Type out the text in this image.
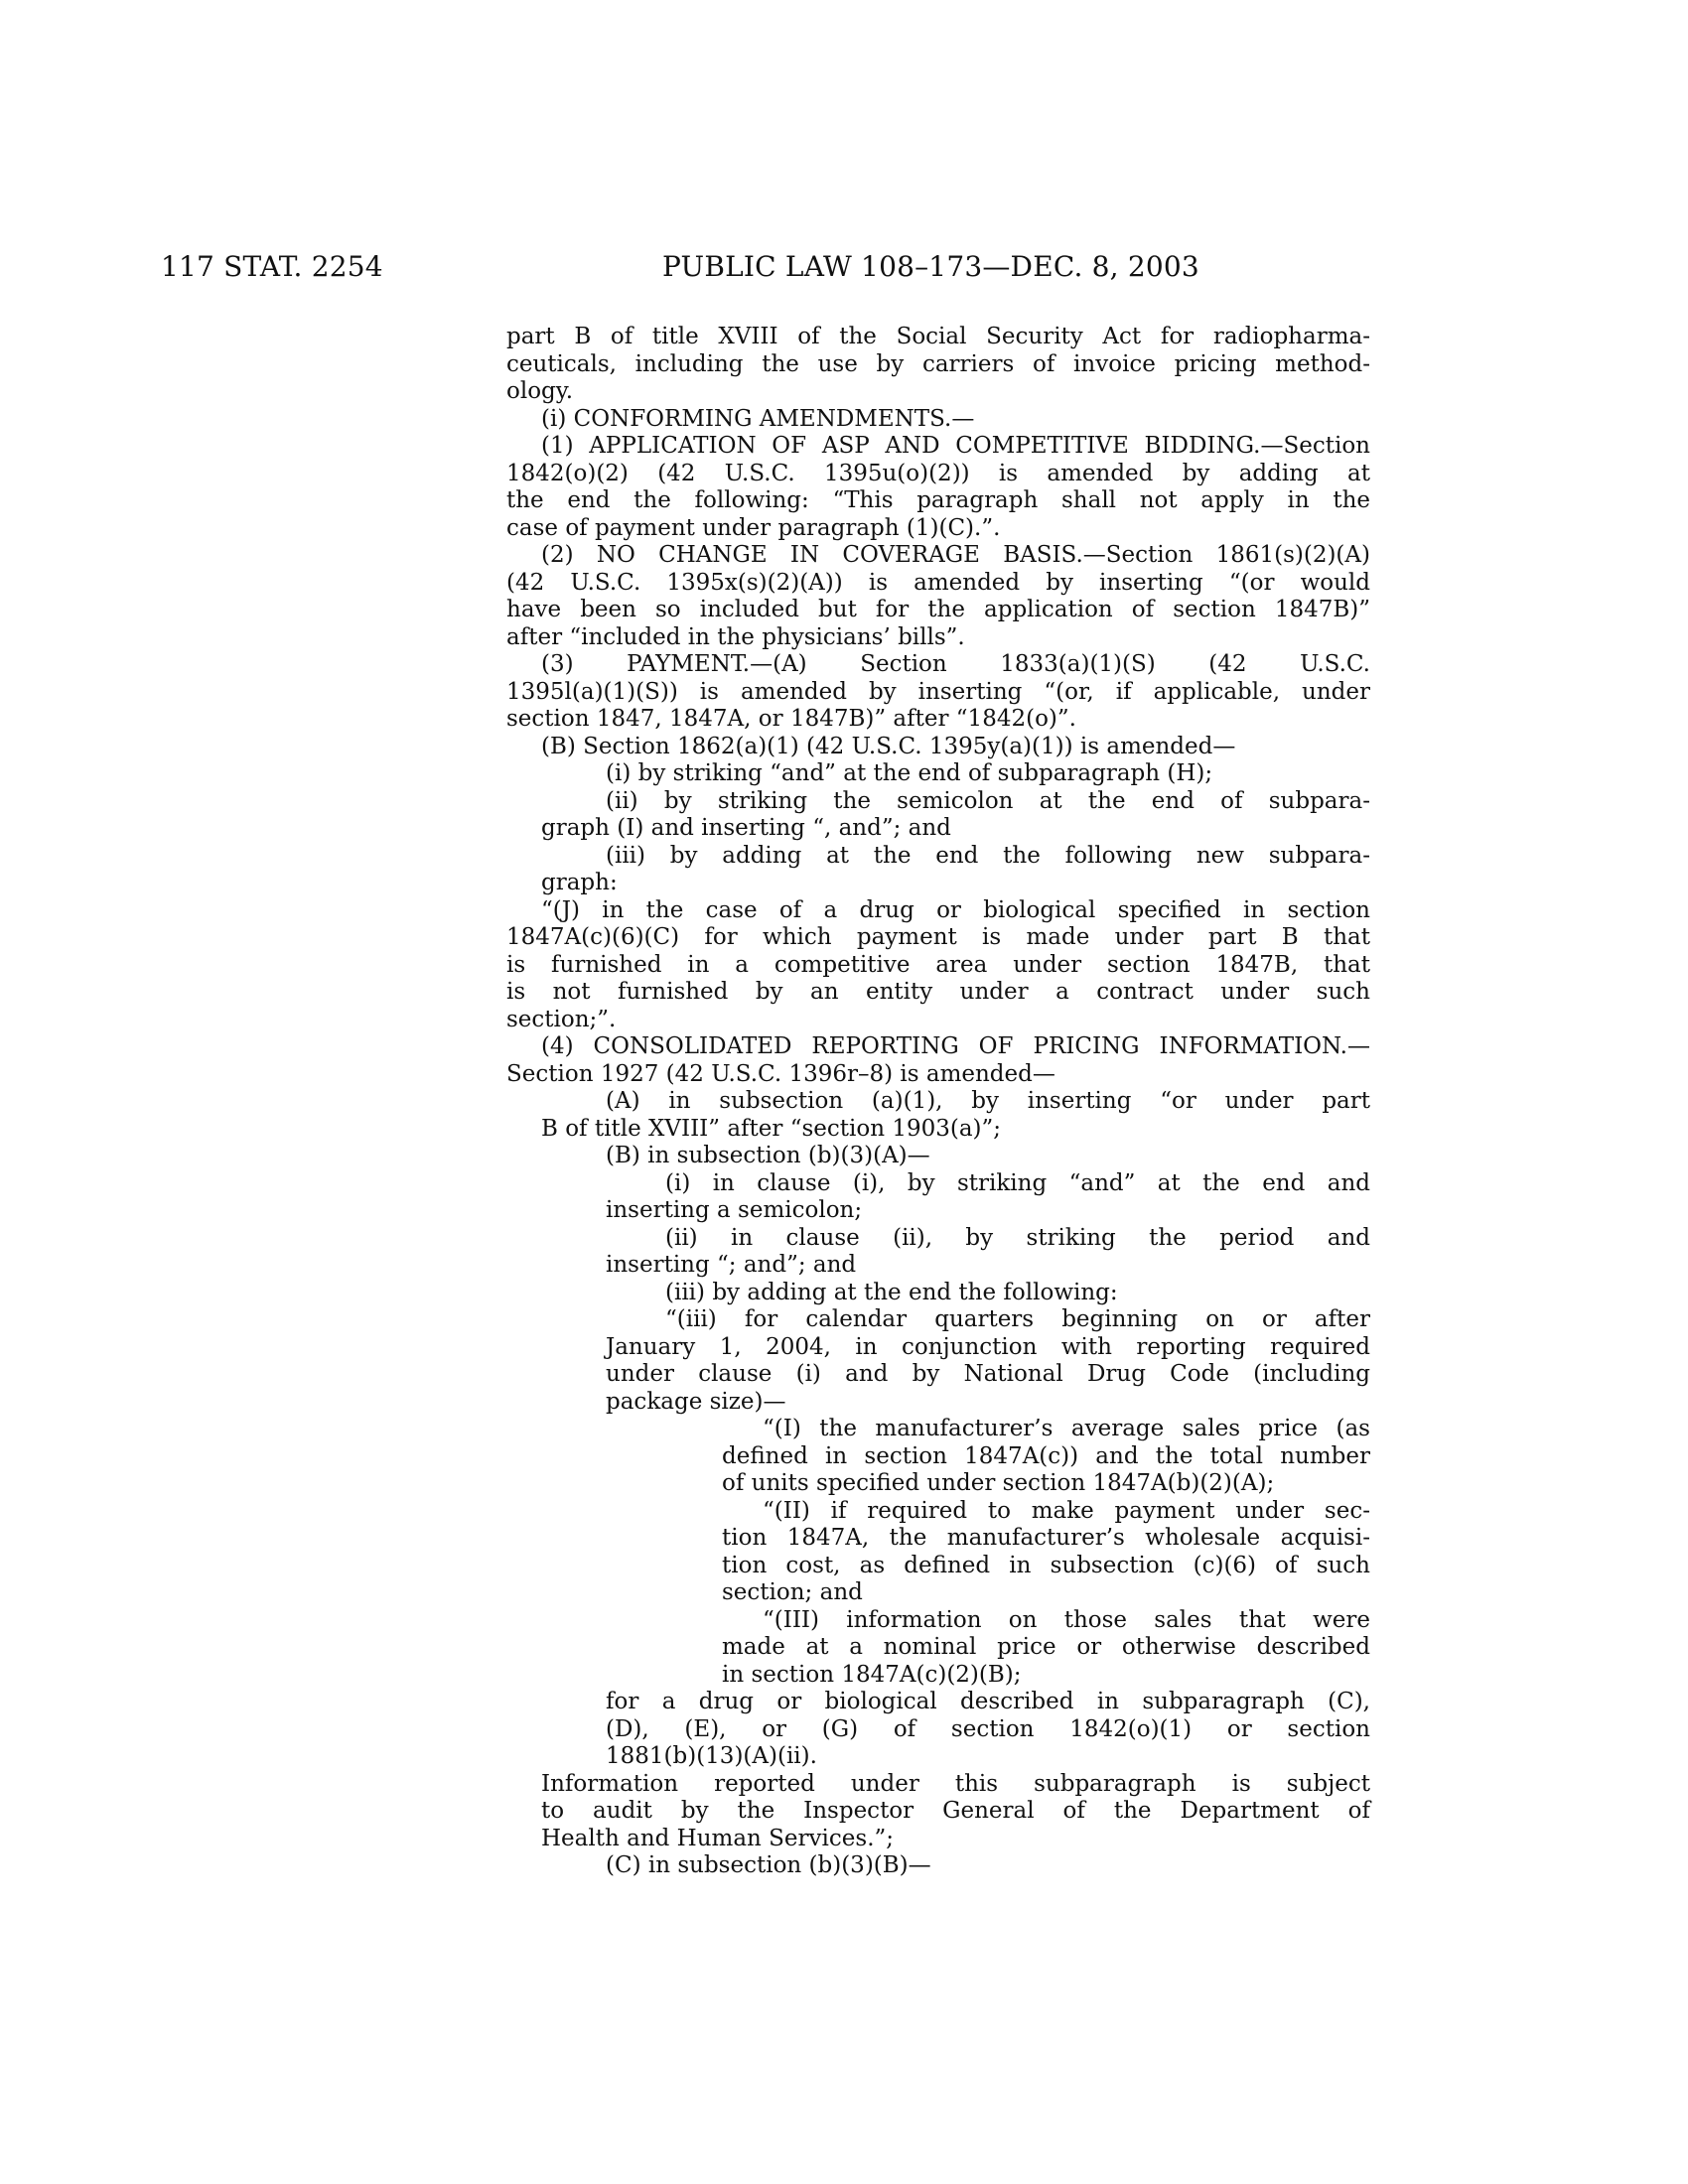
117 STAT. 2254	PUBLIC LAW 108–173—DEC. 8, 2003
part B of title XVIII of the Social Security Act for radiopharma-
ceuticals, including the use by carriers of invoice pricing method-
ology.
(i) CONFORMING AMENDMENTS.—
(1) APPLICATION OF ASP AND COMPETITIVE BIDDING.—Section
1842(o)(2) (42 U.S.C. 1395u(o)(2)) is amended by adding at
the end the following: “This paragraph shall not apply in the
case of payment under paragraph (1)(C).”.
(2) NO CHANGE IN COVERAGE BASIS.—Section 1861(s)(2)(A)
(42 U.S.C. 1395x(s)(2)(A)) is amended by inserting “(or would
have been so included but for the application of section 1847B)”
after “included in the physicians’ bills”.
(3) PAYMENT.—(A) Section 1833(a)(1)(S) (42 U.S.C.
1395l(a)(1)(S)) is amended by inserting “(or, if applicable, under
section 1847, 1847A, or 1847B)” after “1842(o)”.
(B) Section 1862(a)(1) (42 U.S.C. 1395y(a)(1)) is amended—
(i) by striking “and” at the end of subparagraph (H);
(ii) by striking the semicolon at the end of subpara-
graph (I) and inserting “, and”; and
(iii) by adding at the end the following new subpara-
graph:
“(J) in the case of a drug or biological specified in section
1847A(c)(6)(C) for which payment is made under part B that
is furnished in a competitive area under section 1847B, that
is not furnished by an entity under a contract under such
section;”.
(4) CONSOLIDATED REPORTING OF PRICING INFORMATION.—
Section 1927 (42 U.S.C. 1396r–8) is amended—
(A) in subsection (a)(1), by inserting “or under part
B of title XVIII” after “section 1903(a)”;
(B) in subsection (b)(3)(A)—
(i) in clause (i), by striking “and” at the end and
inserting a semicolon;
(ii) in clause (ii), by striking the period and
inserting “; and”; and
(iii) by adding at the end the following:
“(iii) for calendar quarters beginning on or after
January 1, 2004, in conjunction with reporting required
under clause (i) and by National Drug Code (including
package size)—
“(I) the manufacturer’s average sales price (as
defined in section 1847A(c)) and the total number
of units specified under section 1847A(b)(2)(A);
“(II) if required to make payment under sec-
tion 1847A, the manufacturer’s wholesale acquisi-
tion cost, as defined in subsection (c)(6) of such
section; and
“(III) information on those sales that were
made at a nominal price or otherwise described
in section 1847A(c)(2)(B);
for a drug or biological described in subparagraph (C),
(D), (E), or (G) of section 1842(o)(1) or section
1881(b)(13)(A)(ii).
Information reported under this subparagraph is subject
to audit by the Inspector General of the Department of
Health and Human Services.”;
(C) in subsection (b)(3)(B)—
